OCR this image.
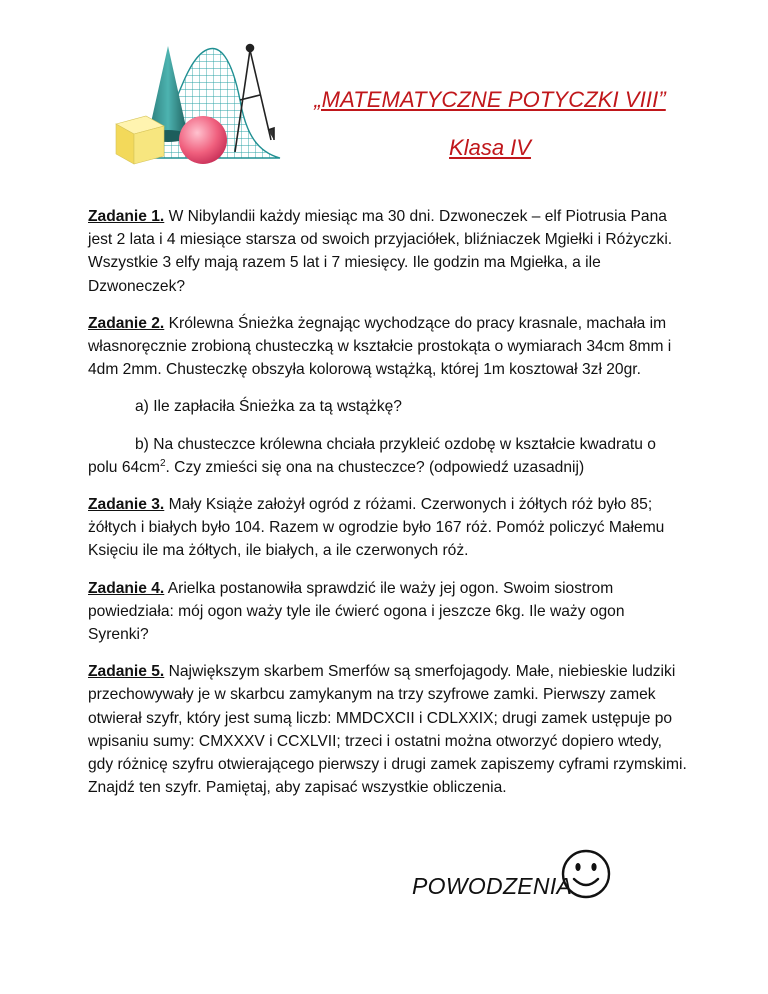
„MATEMATYCZNE POTYCZKI VIII”
Klasa IV

Zadanie 1. W Nibylandii każdy miesiąc ma 30 dni. Dzwoneczek – elf Piotrusia Pana jest 2 lata i 4 miesiące starsza od swoich przyjaciółek, bliźniaczek Mgiełki i Różyczki. Wszystkie 3 elfy mają razem 5 lat i 7 miesięcy. Ile godzin ma Mgiełka, a ile Dzwoneczek?

Zadanie 2. Królewna Śnieżka żegnając wychodzące do pracy krasnale, machała im własnoręcznie zrobioną chusteczką w kształcie prostokąta o wymiarach 34cm 8mm i 4dm 2mm. Chusteczkę obszyła kolorową wstążką, której 1m kosztował 3zł 20gr.

a) Ile zapłaciła Śnieżka za tą wstążkę?

b) Na chusteczce królewna chciała przykleić ozdobę w kształcie kwadratu o polu $64cm^2$. Czy zmieści się ona na chusteczce? (odpowiedź uzasadnij)

Zadanie 3. Mały Książe założył ogród z różami. Czerwonych i żółtych róż było 85; żółtych i białych było 104. Razem w ogrodzie było 167 róż. Pomóż policzyć Małemu Księciu ile ma żółtych, ile białych, a ile czerwonych róż.

Zadanie 4. Arielka postanowiła sprawdzić ile waży jej ogon. Swoim siostrom powiedziała: mój ogon waży tyle ile ćwierć ogona i jeszcze 6kg. Ile waży ogon Syrenki?

Zadanie 5. Największym skarbem Smerfów są smerfojagody. Małe, niebieskie ludziki przechowywały je w skarbcu zamykanym na trzy szyfrowe zamki. Pierwszy zamek otwierał szyfr, który jest sumą liczb: MMDCXCII i CDLXXIX; drugi zamek ustępuje po wpisaniu sumy: CMXXXV i CCXLVII; trzeci i ostatni można otworzyć dopiero wtedy, gdy różnicę szyfru otwierającego pierwszy i drugi zamek zapiszemy cyframi rzymskimi. Znajdź ten szyfr. Pamiętaj, aby zapisać wszystkie obliczenia.

POWODZENIA
